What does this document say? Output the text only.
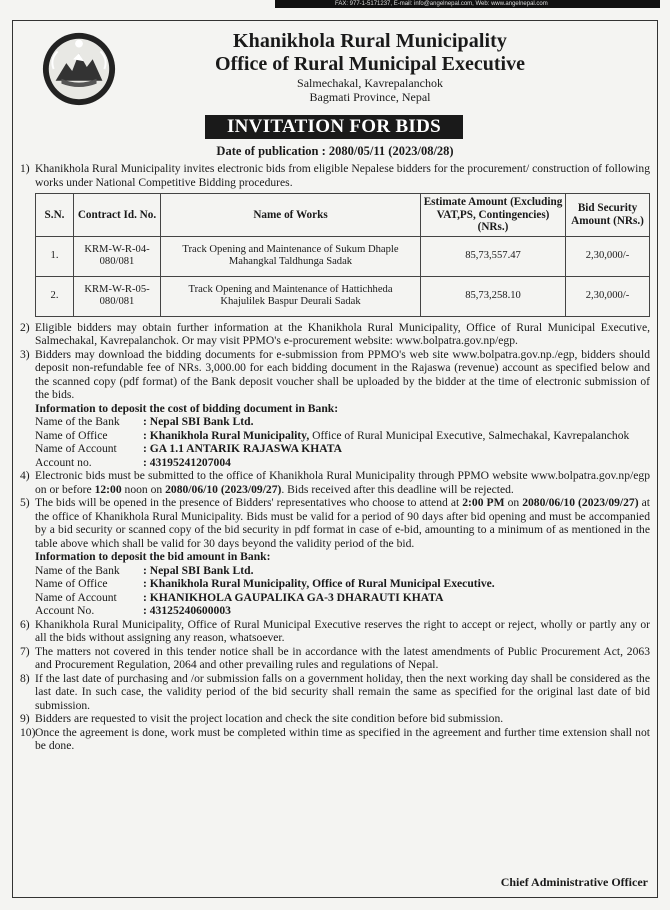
FAX: 977-1-5171237, E-mail: info@angelnepal.com, Web: www.angelnepal.com
Khanikhola Rural Municipality
Office of Rural Municipal Executive
Salmechakal, Kavrepalanchok
Bagmati Province, Nepal
INVITATION FOR BIDS
Date of publication : 2080/05/11 (2023/08/28)
1) Khanikhola Rural Municipality invites electronic bids from eligible Nepalese bidders for the procurement/ construction of following works under National Competitive Bidding procedures.
S.N.	Contract Id. No.	Name of Works	Estimate Amount (Excluding VAT,PS, Contingencies) (NRs.)	Bid Security Amount (NRs.)
1.	KRM-W-R-04-080/081	Track Opening and Maintenance of Sukum Dhaple Mahangkal Taldhunga Sadak	85,73,557.47	2,30,000/-
2.	KRM-W-R-05-080/081	Track Opening and Maintenance of Hattichheda Khajulilek Baspur Deurali Sadak	85,73,258.10	2,30,000/-
2) Eligible bidders may obtain further information at the Khanikhola Rural Municipality, Office of Rural Municipal Executive, Salmechakal, Kavrepalanchok. Or may visit PPMO's e-procurement website: www.bolpatra.gov.np/egp.
3) Bidders may download the bidding documents for e-submission from PPMO's web site www.bolpatra.gov.np./egp, bidders should deposit non-refundable fee of NRs. 3,000.00 for each bidding document in the Rajaswa (revenue) account as specified below and the scanned copy (pdf format) of the Bank deposit voucher shall be uploaded by the bidder at the time of electronic submission of the bids.
Information to deposit the cost of bidding document in Bank:
Name of the Bank	: Nepal SBI Bank Ltd.
Name of Office	: Khanikhola Rural Municipality, Office of Rural Municipal Executive, Salmechakal, Kavrepalanchok
Name of Account	: GA 1.1 ANTARIK RAJASWA KHATA
Account no.	: 43195241207004
4) Electronic bids must be submitted to the office of Khanikhola Rural Municipality through PPMO website www.bolpatra.gov.np/egp on or before 12:00 noon on 2080/06/10 (2023/09/27). Bids received after this deadline will be rejected.
5) The bids will be opened in the presence of Bidders' representatives who choose to attend at 2:00 PM on 2080/06/10 (2023/09/27) at the office of Khanikhola Rural Municipality. Bids must be valid for a period of 90 days after bid opening and must be accompanied by a bid security or scanned copy of the bid security in pdf format in case of e-bid, amounting to a minimum of as mentioned in the table above which shall be valid for 30 days beyond the validity period of the bid.
Information to deposit the bid amount in Bank:
Name of the Bank	: Nepal SBI Bank Ltd.
Name of Office	: Khanikhola Rural Municipality, Office of Rural Municipal Executive.
Name of Account	: KHANIKHOLA GAUPALIKA GA-3 DHARAUTI KHATA
Account No.	: 43125240600003
6) Khanikhola Rural Municipality, Office of Rural Municipal Executive reserves the right to accept or reject, wholly or partly any or all the bids without assigning any reason, whatsoever.
7) The matters not covered in this tender notice shall be in accordance with the latest amendments of Public Procurement Act, 2063 and Procurement Regulation, 2064 and other prevailing rules and regulations of Nepal.
8) If the last date of purchasing and /or submission falls on a government holiday, then the next working day shall be considered as the last date. In such case, the validity period of the bid security shall remain the same as specified for the original last date of bid submission.
9) Bidders are requested to visit the project location and check the site condition before bid submission.
10) Once the agreement is done, work must be completed within time as specified in the agreement and further time extension shall not be done.
Chief Administrative Officer
